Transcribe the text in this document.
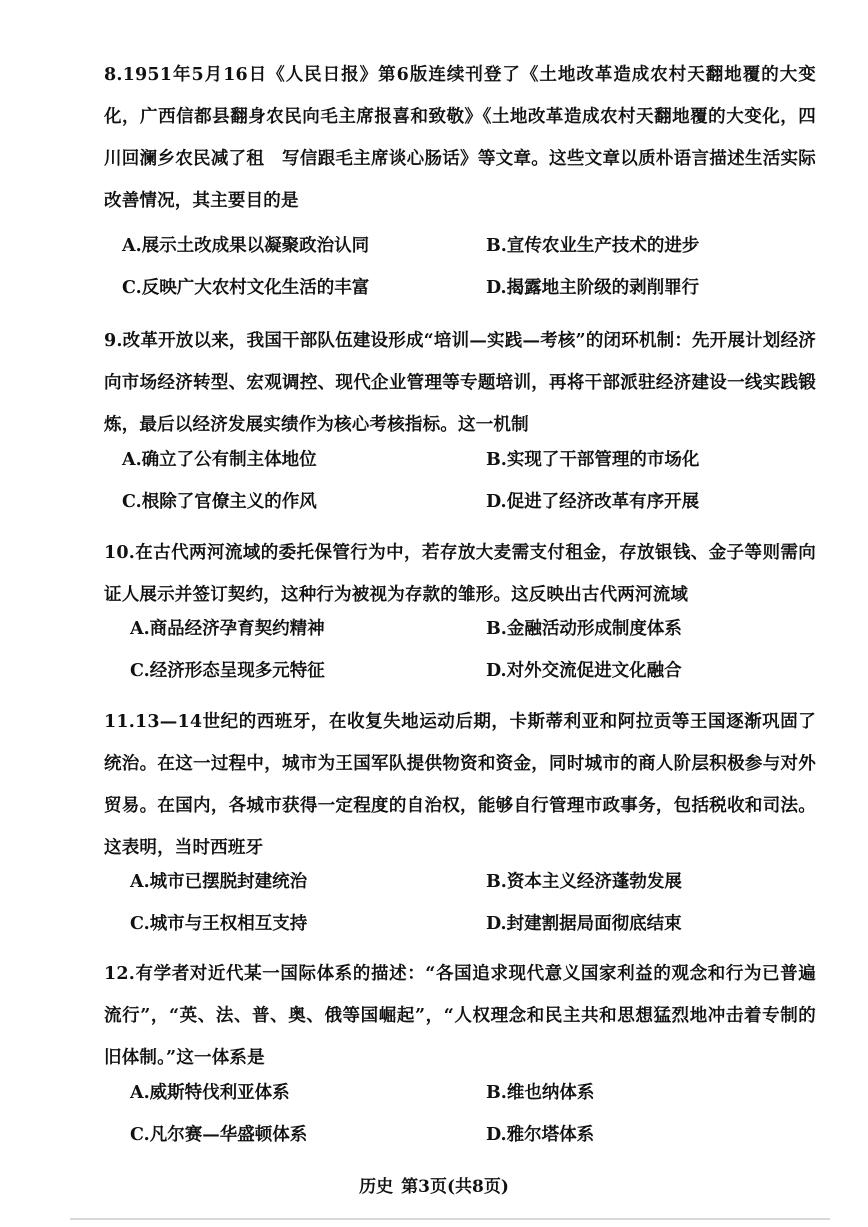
8.1951年5月16日《人民日报》第6版连续刊登了《土地改革造成农村天翻地覆的大变化，广西信都县翻身农民向毛主席报喜和致敬》《土地改革造成农村天翻地覆的大变化，四川回澜乡农民减了租　写信跟毛主席谈心肠话》等文章。这些文章以质朴语言描述生活实际改善情况，其主要目的是
A.展示土改成果以凝聚政治认同	B.宣传农业生产技术的进步
C.反映广大农村文化生活的丰富	D.揭露地主阶级的剥削罪行
9.改革开放以来，我国干部队伍建设形成“培训—实践—考核”的闭环机制：先开展计划经济向市场经济转型、宏观调控、现代企业管理等专题培训，再将干部派驻经济建设一线实践锻炼，最后以经济发展实绩作为核心考核指标。这一机制
A.确立了公有制主体地位	B.实现了干部管理的市场化
C.根除了官僚主义的作风	D.促进了经济改革有序开展
10.在古代两河流域的委托保管行为中，若存放大麦需支付租金，存放银钱、金子等则需向证人展示并签订契约，这种行为被视为存款的雏形。这反映出古代两河流域
A.商品经济孕育契约精神	B.金融活动形成制度体系
C.经济形态呈现多元特征	D.对外交流促进文化融合
11.13—14世纪的西班牙，在收复失地运动后期，卡斯蒂利亚和阿拉贡等王国逐渐巩固了统治。在这一过程中，城市为王国军队提供物资和资金，同时城市的商人阶层积极参与对外贸易。在国内，各城市获得一定程度的自治权，能够自行管理市政事务，包括税收和司法。这表明，当时西班牙
A.城市已摆脱封建统治	B.资本主义经济蓬勃发展
C.城市与王权相互支持	D.封建割据局面彻底结束
12.有学者对近代某一国际体系的描述：“各国追求现代意义国家利益的观念和行为已普遍流行”，“英、法、普、奥、俄等国崛起”，“人权理念和民主共和思想猛烈地冲击着专制的旧体制。”这一体系是
A.威斯特伐利亚体系	B.维也纳体系
C.凡尔赛—华盛顿体系	D.雅尔塔体系
历史 第3页(共8页)
